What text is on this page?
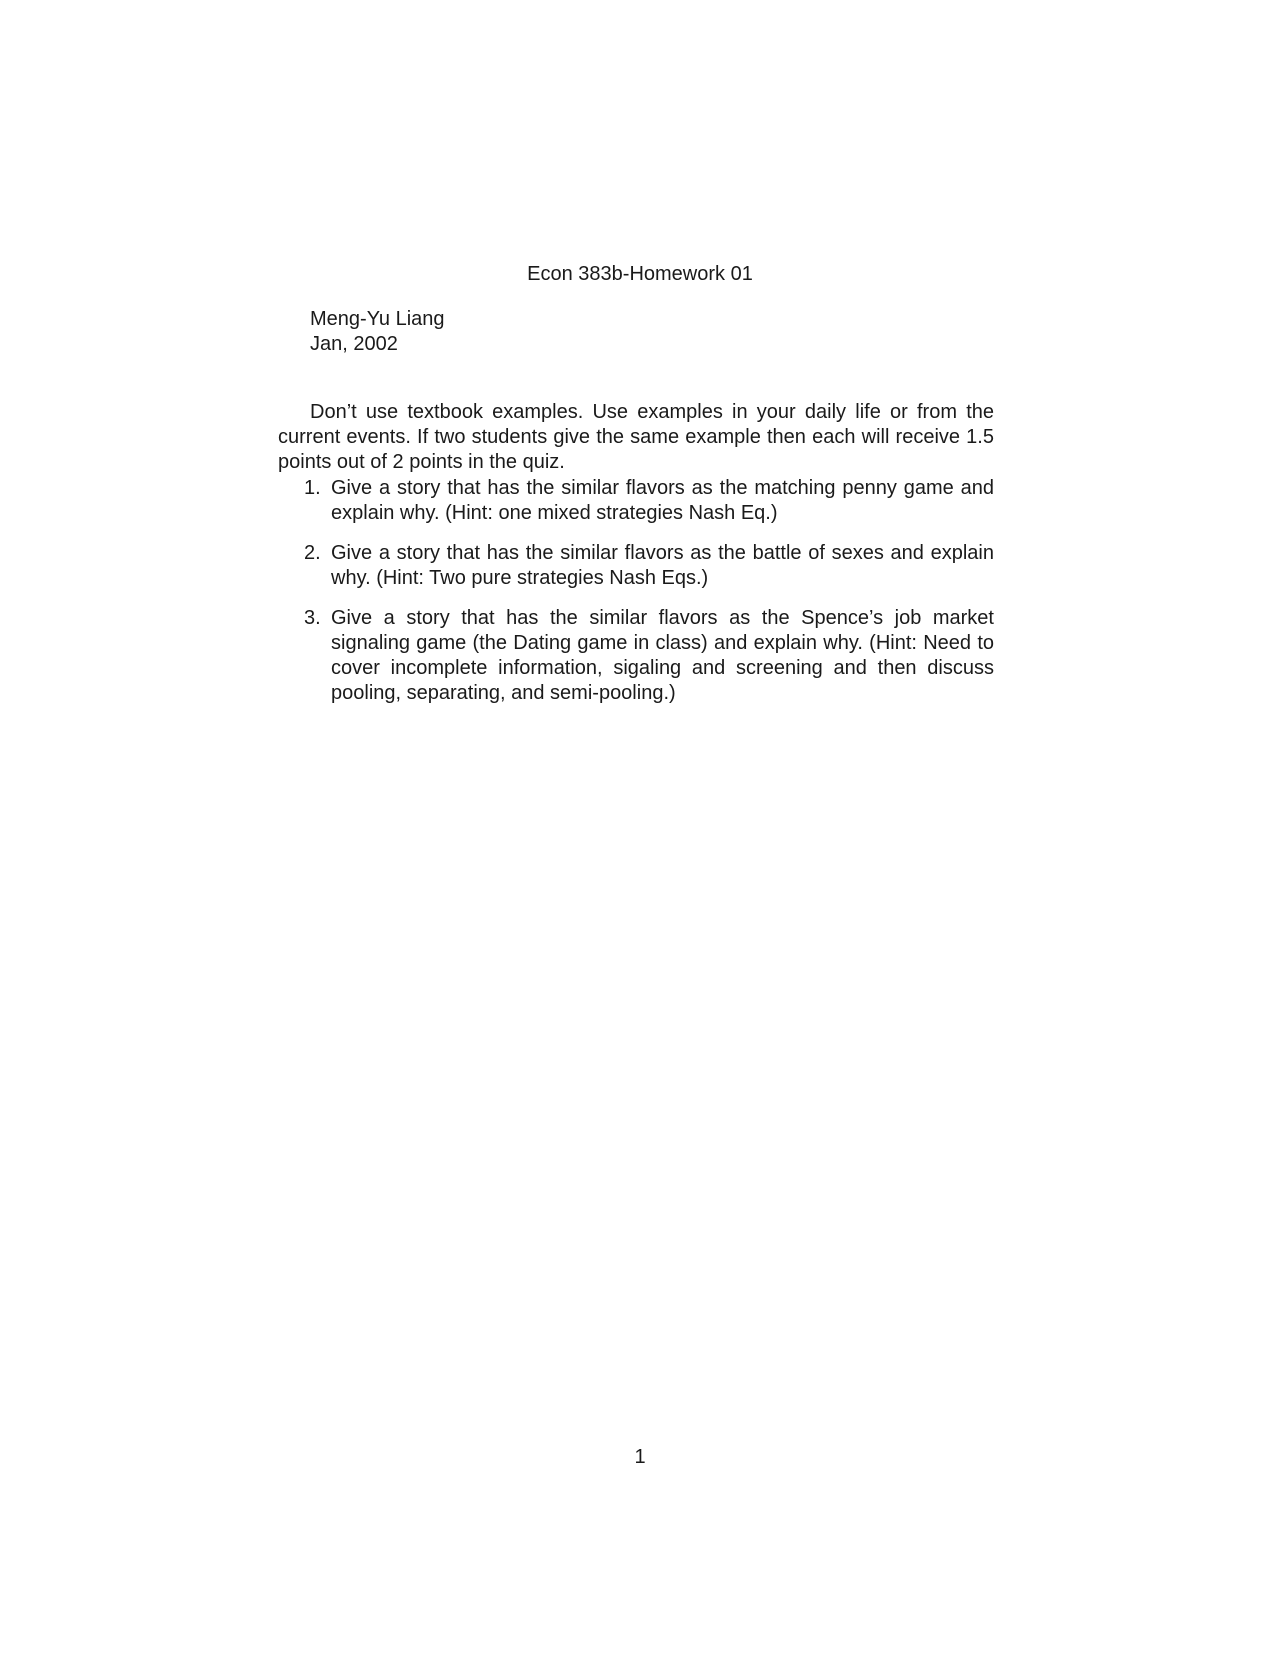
Econ 383b-Homework 01
Meng-Yu Liang
Jan, 2002

Don’t use textbook examples. Use examples in your daily life or from the current events. If two students give the same example then each will receive 1.5 points out of 2 points in the quiz.

1. Give a story that has the similar flavors as the matching penny game and explain why. (Hint: one mixed strategies Nash Eq.)
2. Give a story that has the similar flavors as the battle of sexes and explain why. (Hint: Two pure strategies Nash Eqs.)
3. Give a story that has the similar flavors as the Spence’s job market signaling game (the Dating game in class) and explain why. (Hint: Need to cover incomplete information, sigaling and screening and then discuss pooling, separating, and semi-pooling.)
1
